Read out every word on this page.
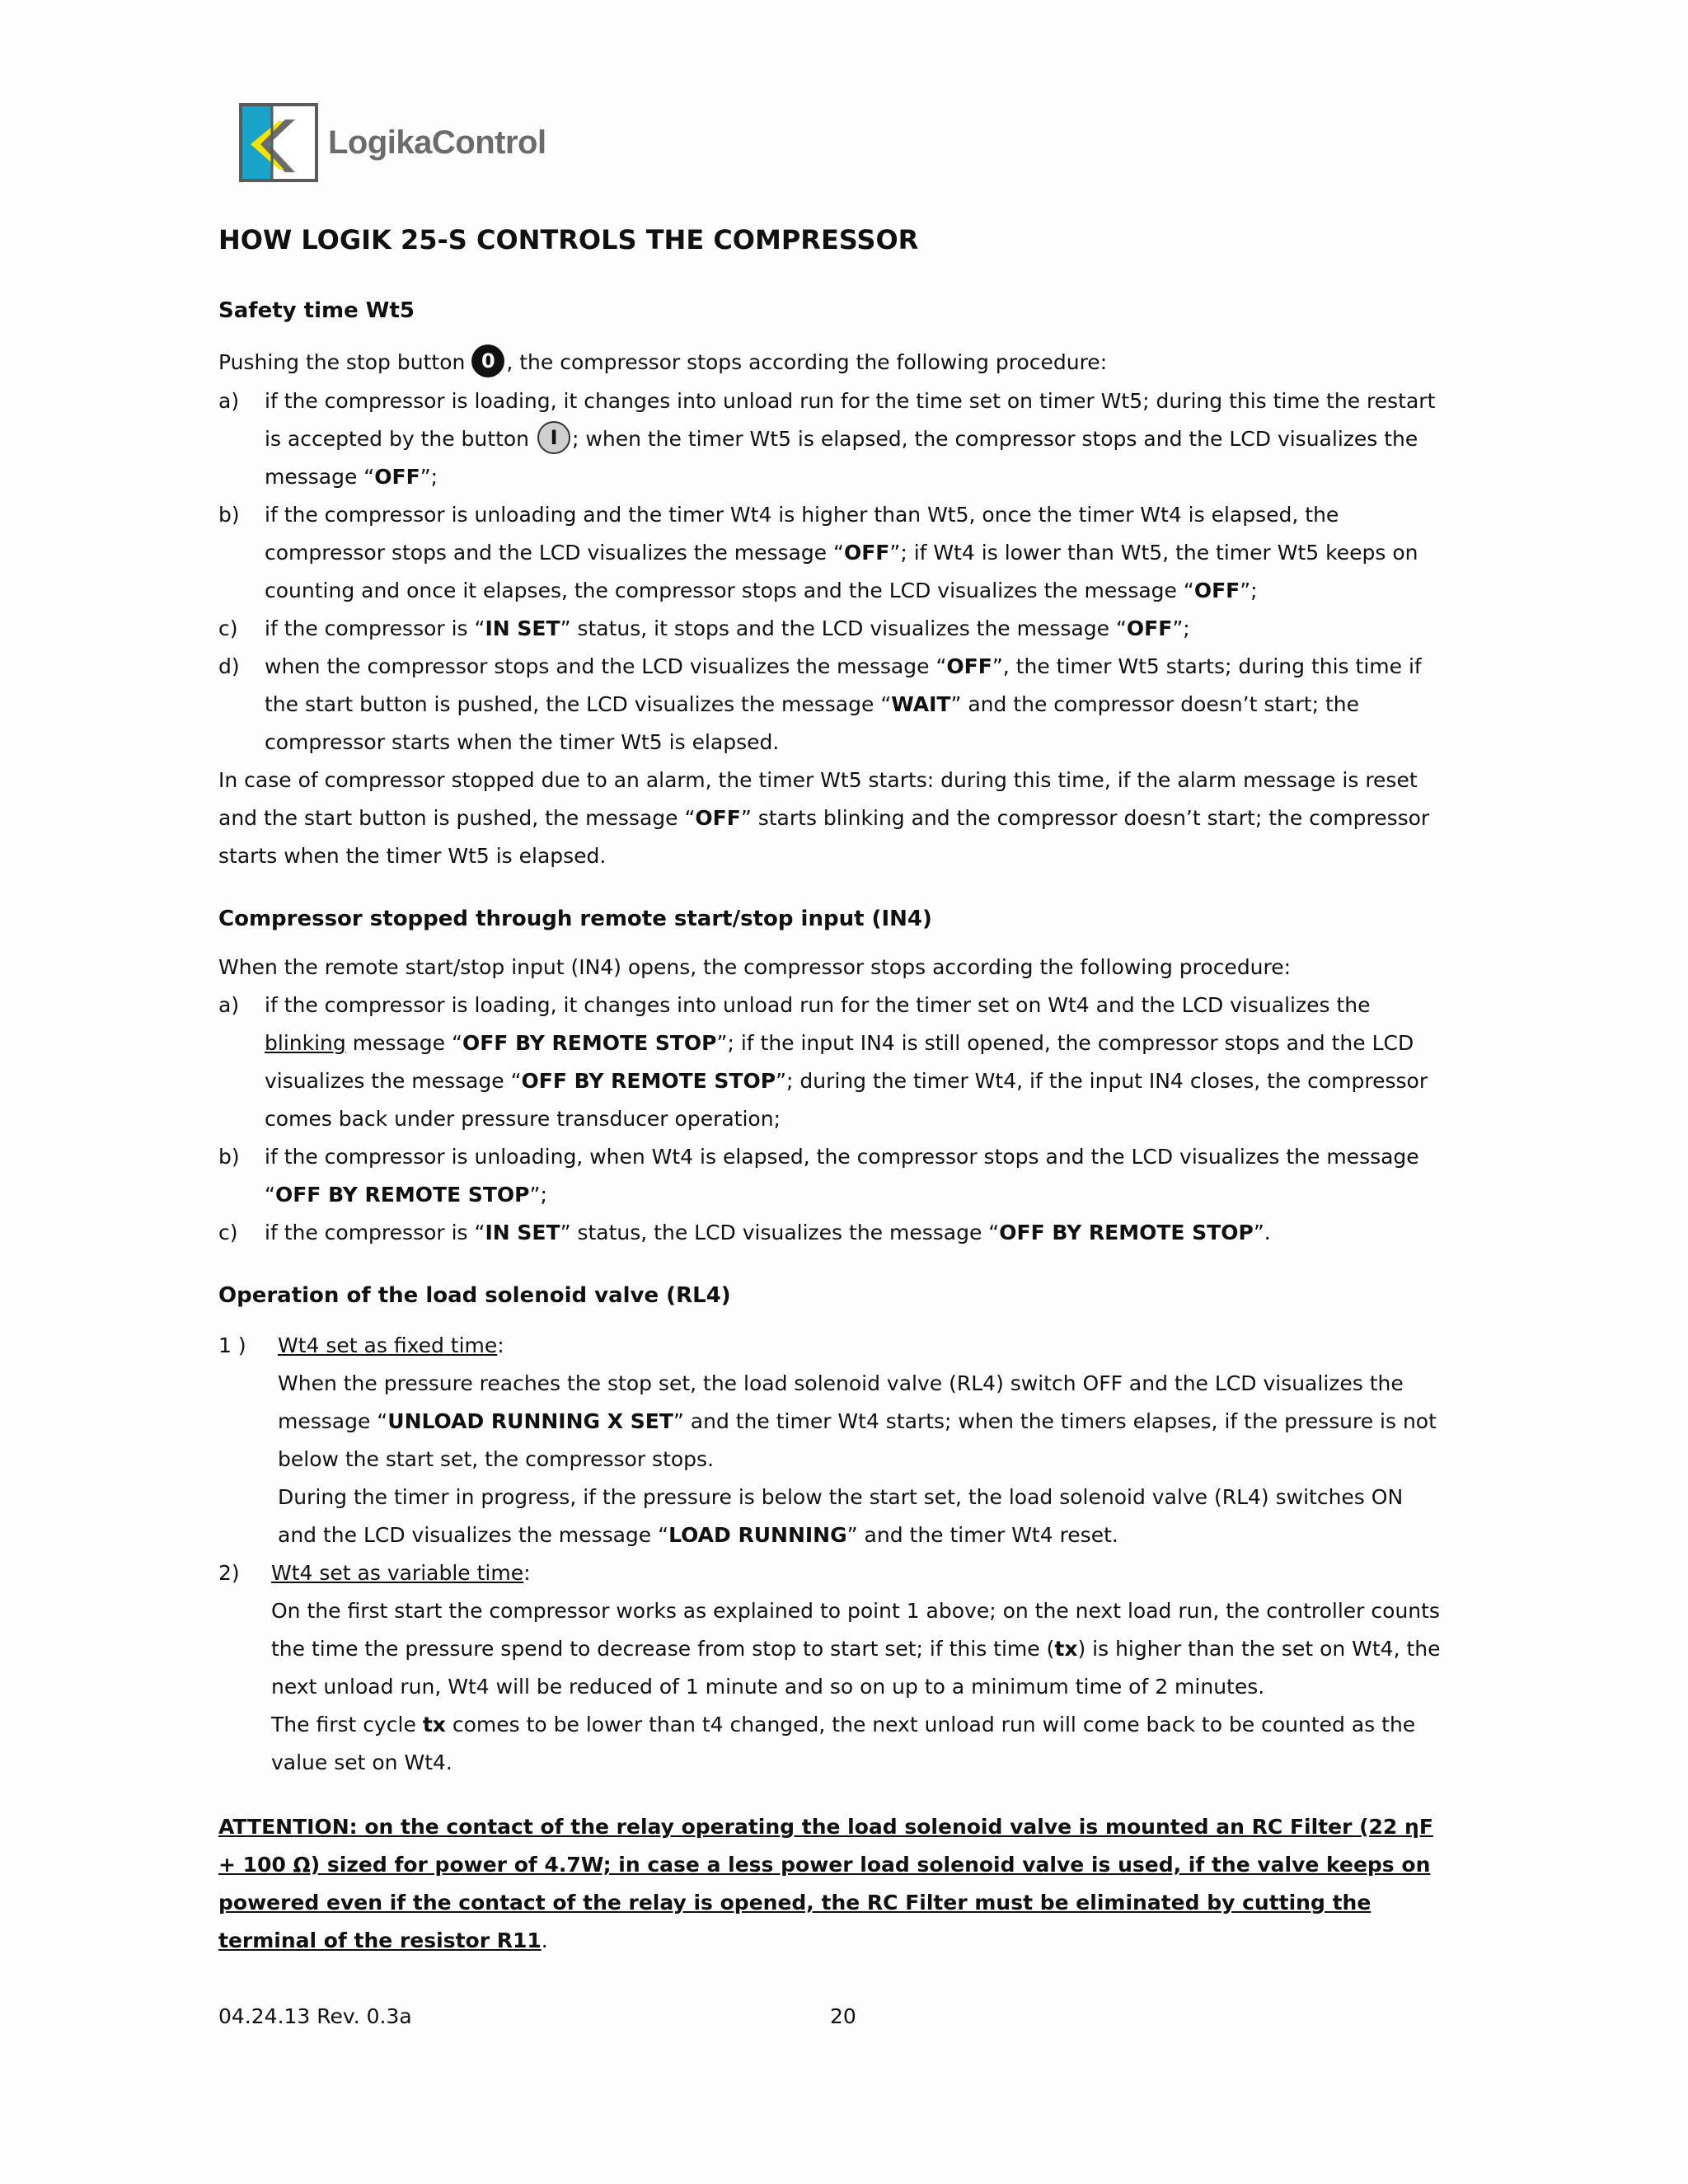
LogikaControl
HOW LOGIK 25-S CONTROLS THE COMPRESSOR
Safety time Wt5
Pushing the stop button 0 , the compressor stops according the following procedure:
a) if the compressor is loading, it changes into unload run for the time set on timer Wt5; during this time the restart
is accepted by the button I ; when the timer Wt5 is elapsed, the compressor stops and the LCD visualizes the
message “OFF”;
b) if the compressor is unloading and the timer Wt4 is higher than Wt5, once the timer Wt4 is elapsed, the
compressor stops and the LCD visualizes the message “OFF”; if Wt4 is lower than Wt5, the timer Wt5 keeps on
counting and once it elapses, the compressor stops and the LCD visualizes the message “OFF”;
c) if the compressor is “IN SET” status, it stops and the LCD visualizes the message “OFF”;
d) when the compressor stops and the LCD visualizes the message “OFF”, the timer Wt5 starts; during this time if
the start button is pushed, the LCD visualizes the message “WAIT” and the compressor doesn’t start; the
compressor starts when the timer Wt5 is elapsed.
In case of compressor stopped due to an alarm, the timer Wt5 starts: during this time, if the alarm message is reset
and the start button is pushed, the message “OFF” starts blinking and the compressor doesn’t start; the compressor
starts when the timer Wt5 is elapsed.
Compressor stopped through remote start/stop input (IN4)
When the remote start/stop input (IN4) opens, the compressor stops according the following procedure:
a) if the compressor is loading, it changes into unload run for the timer set on Wt4 and the LCD visualizes the
blinking message “OFF BY REMOTE STOP”; if the input IN4 is still opened, the compressor stops and the LCD
visualizes the message “OFF BY REMOTE STOP”; during the timer Wt4, if the input IN4 closes, the compressor
comes back under pressure transducer operation;
b) if the compressor is unloading, when Wt4 is elapsed, the compressor stops and the LCD visualizes the message
“OFF BY REMOTE STOP”;
c) if the compressor is “IN SET” status, the LCD visualizes the message “OFF BY REMOTE STOP”.
Operation of the load solenoid valve (RL4)
1 ) Wt4 set as fixed time:
When the pressure reaches the stop set, the load solenoid valve (RL4) switch OFF and the LCD visualizes the
message “UNLOAD RUNNING X SET” and the timer Wt4 starts; when the timers elapses, if the pressure is not
below the start set, the compressor stops.
During the timer in progress, if the pressure is below the start set, the load solenoid valve (RL4) switches ON
and the LCD visualizes the message “LOAD RUNNING” and the timer Wt4 reset.
2) Wt4 set as variable time:
On the first start the compressor works as explained to point 1 above; on the next load run, the controller counts
the time the pressure spend to decrease from stop to start set; if this time (tx) is higher than the set on Wt4, the
next unload run, Wt4 will be reduced of 1 minute and so on up to a minimum time of 2 minutes.
The first cycle tx comes to be lower than t4 changed, the next unload run will come back to be counted as the
value set on Wt4.
ATTENTION: on the contact of the relay operating the load solenoid valve is mounted an RC Filter (22 ηF
+ 100 Ω) sized for power of 4.7W; in case a less power load solenoid valve is used, if the valve keeps on
powered even if the contact of the relay is opened, the RC Filter must be eliminated by cutting the
terminal of the resistor R11.
04.24.13 Rev. 0.3a	20
